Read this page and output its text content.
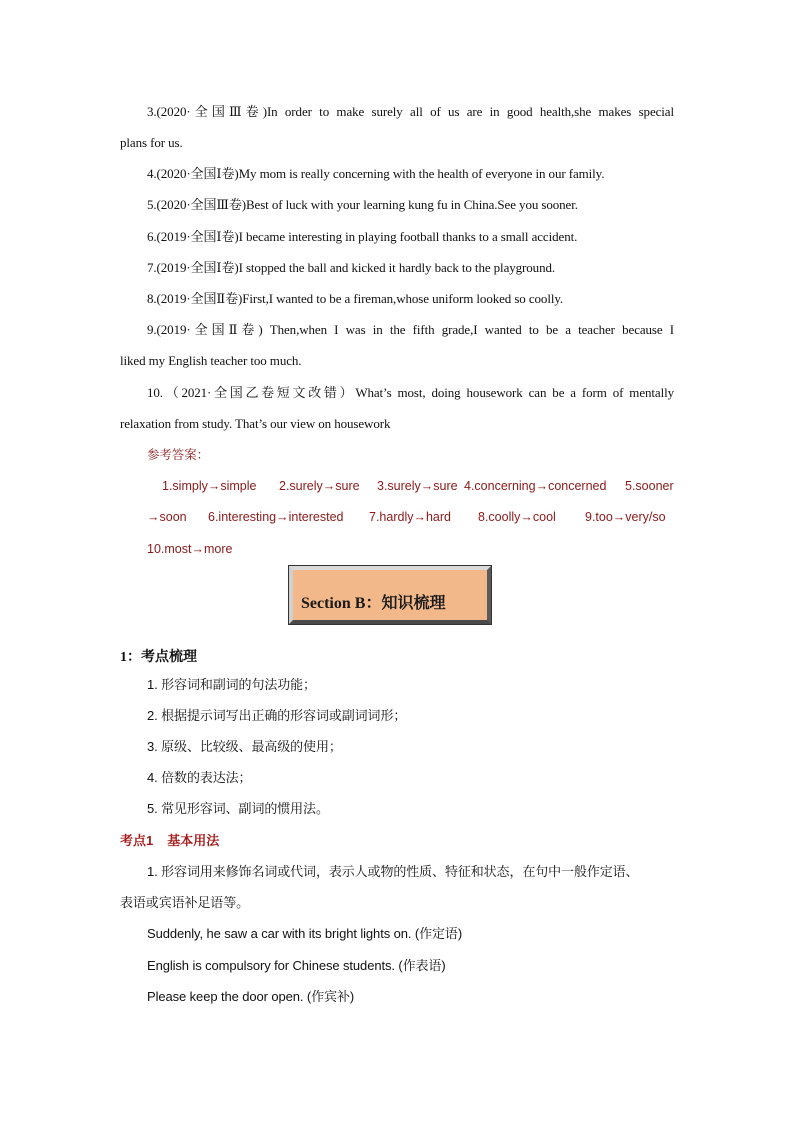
3.(2020·全国Ⅲ卷)In order to make surely all of us are in good health,she makes special
plans for us.
4.(2020·全国Ⅰ卷)My mom is really concerning with the health of everyone in our family.
5.(2020·全国Ⅲ卷)Best of luck with your learning kung fu in China.See you sooner.
6.(2019·全国Ⅰ卷)I became interesting in playing football thanks to a small accident.
7.(2019·全国Ⅰ卷)I stopped the ball and kicked it hardly back to the playground.
8.(2019·全国Ⅱ卷)First,I wanted to be a fireman,whose uniform looked so coolly.
9.(2019·全国Ⅱ卷) Then,when I was in the fifth grade,I wanted to be a teacher because I
liked my English teacher too much.
10.（2021·全国乙卷短文改错）What’s most, doing housework can be a form of mentally
relaxation from study. That’s our view on housework
参考答案：
1.simply→simple 2.surely→sure 3.surely→sure 4.concerning→concerned 5.sooner
→soon 6.interesting→interested 7.hardly→hard 8.coolly→cool 9.too→very/so
10.most→more
Section B：知识梳理
1：考点梳理
1. 形容词和副词的句法功能；
2. 根据提示词写出正确的形容词或副词词形；
3. 原级、比较级、最高级的使用；
4. 倍数的表达法；
5. 常见形容词、副词的惯用法。
考点1 基本用法
1. 形容词用来修饰名词或代词，表示人或物的性质、特征和状态，在句中一般作定语、
表语或宾语补足语等。
Suddenly, he saw a car with its bright lights on. (作定语)
English is compulsory for Chinese students. (作表语)
Please keep the door open. (作宾补)
